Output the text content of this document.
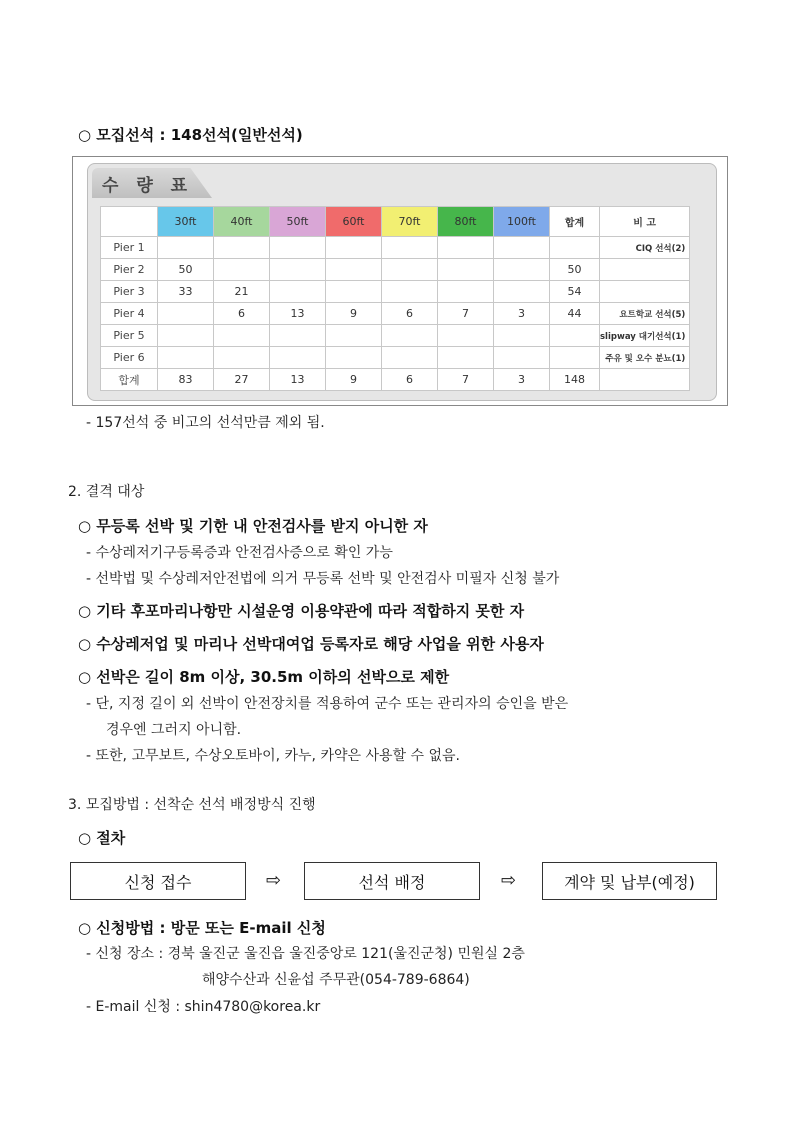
○ 모집선석 : 148선석(일반선석)
수 량 표
	30ft	40ft	50ft	60ft	70ft	80ft	100ft	합계	비 고
Pier 1									CIQ 선석(2)
Pier 2	50							50	
Pier 3	33	21						54	
Pier 4		6	13	9	6	7	3	44	요트학교 선석(5)
Pier 5									slipway 대기선석(1)
Pier 6									주유 및 오수 분뇨(1)
합계	83	27	13	9	6	7	3	148	
- 157선석 중 비고의 선석만큼 제외 됨.
2. 결격 대상
○ 무등록 선박 및 기한 내 안전검사를 받지 아니한 자
- 수상레저기구등록증과 안전검사증으로 확인 가능
- 선박법 및 수상레저안전법에 의거 무등록 선박 및 안전검사 미필자 신청 불가
○ 기타 후포마리나항만 시설운영 이용약관에 따라 적합하지 못한 자
○ 수상레저업 및 마리나 선박대여업 등록자로 해당 사업을 위한 사용자
○ 선박은 길이 8m 이상, 30.5m 이하의 선박으로 제한
- 단, 지정 길이 외 선박이 안전장치를 적용하여 군수 또는 관리자의 승인을 받은
경우엔 그러지 아니함.
- 또한, 고무보트, 수상오토바이, 카누, 카약은 사용할 수 없음.
3. 모집방법 : 선착순 선석 배정방식 진행
○ 절차
신청 접수	⇨	선석 배정	⇨	계약 및 납부(예정)
○ 신청방법 : 방문 또는 E-mail 신청
- 신청 장소 : 경북 울진군 울진읍 울진중앙로 121(울진군청) 민원실 2층
해양수산과 신윤섭 주무관(054-789-6864)
- E-mail 신청 : shin4780@korea.kr
